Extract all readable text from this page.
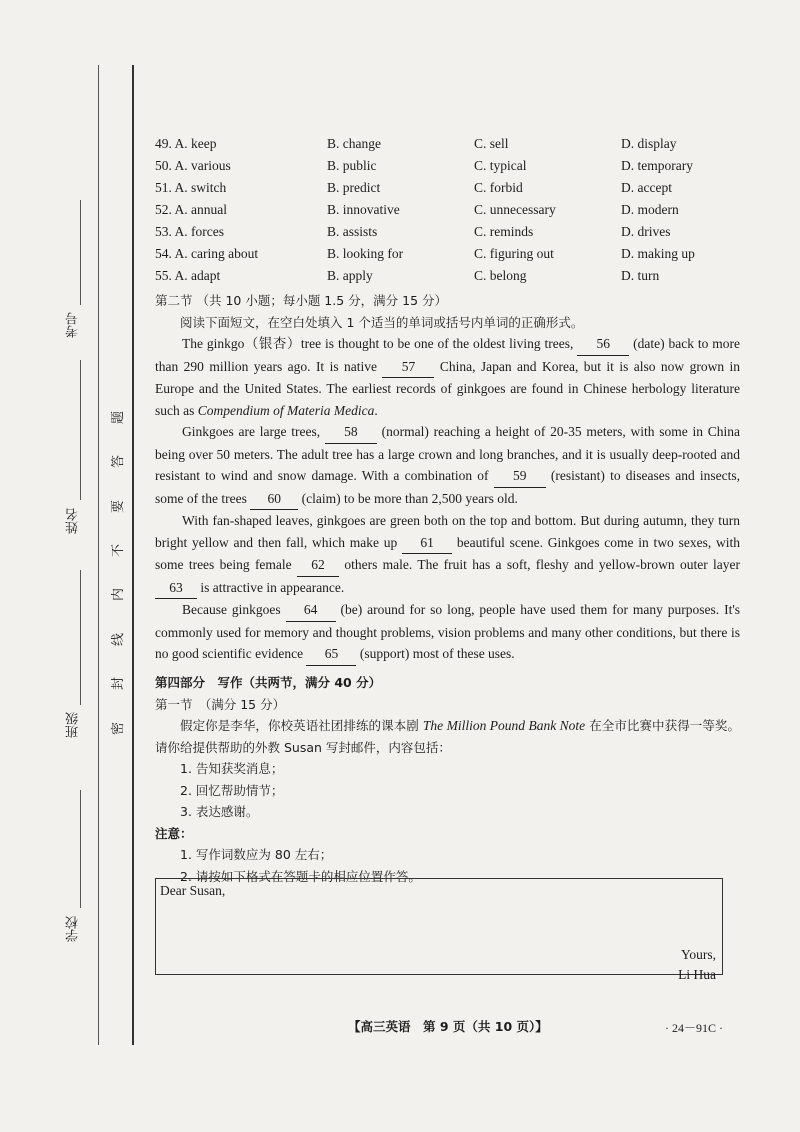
考号
姓名
班级
学校
题
答
要
不
内
线
封
密
49. A. keep	B. change	C. sell	D. display
50. A. various	B. public	C. typical	D. temporary
51. A. switch	B. predict	C. forbid	D. accept
52. A. annual	B. innovative	C. unnecessary	D. modern
53. A. forces	B. assists	C. reminds	D. drives
54. A. caring about	B. looking for	C. figuring out	D. making up
55. A. adapt	B. apply	C. belong	D. turn
第二节 （共 10 小题；每小题 1.5 分，满分 15 分）
阅读下面短文，在空白处填入 1 个适当的单词或括号内单词的正确形式。
The ginkgo（银杏）tree is thought to be one of the oldest living trees, 56 (date) back to more than 290 million years ago. It is native 57 China, Japan and Korea, but it is also now grown in Europe and the United States. The earliest records of ginkgoes are found in Chinese herbology literature such as Compendium of Materia Medica.
Ginkgoes are large trees, 58 (normal) reaching a height of 20-35 meters, with some in China being over 50 meters. The adult tree has a large crown and long branches, and it is usually deep-rooted and resistant to wind and snow damage. With a combination of 59 (resistant) to diseases and insects, some of the trees 60 (claim) to be more than 2,500 years old.
With fan-shaped leaves, ginkgoes are green both on the top and bottom. But during autumn, they turn bright yellow and then fall, which make up 61 beautiful scene. Ginkgoes come in two sexes, with some trees being female 62 others male. The fruit has a soft, fleshy and yellow-brown outer layer 63 is attractive in appearance.
Because ginkgoes 64 (be) around for so long, people have used them for many purposes. It's commonly used for memory and thought problems, vision problems and many other conditions, but there is no good scientific evidence 65 (support) most of these uses.
第四部分　写作（共两节，满分 40 分）
第一节　（满分 15 分）
假定你是李华，你校英语社团排练的课本剧 The Million Pound Bank Note 在全市比赛中获得一等奖。请你给提供帮助的外教 Susan 写封邮件，内容包括：
1. 告知获奖消息；
2. 回忆帮助情节；
3. 表达感谢。
注意：
1. 写作词数应为 80 左右；
2. 请按如下格式在答题卡的相应位置作答。
Dear Susan,
Yours,
Li Hua
【高三英语　第 9 页（共 10 页）】	· 24－91C ·
